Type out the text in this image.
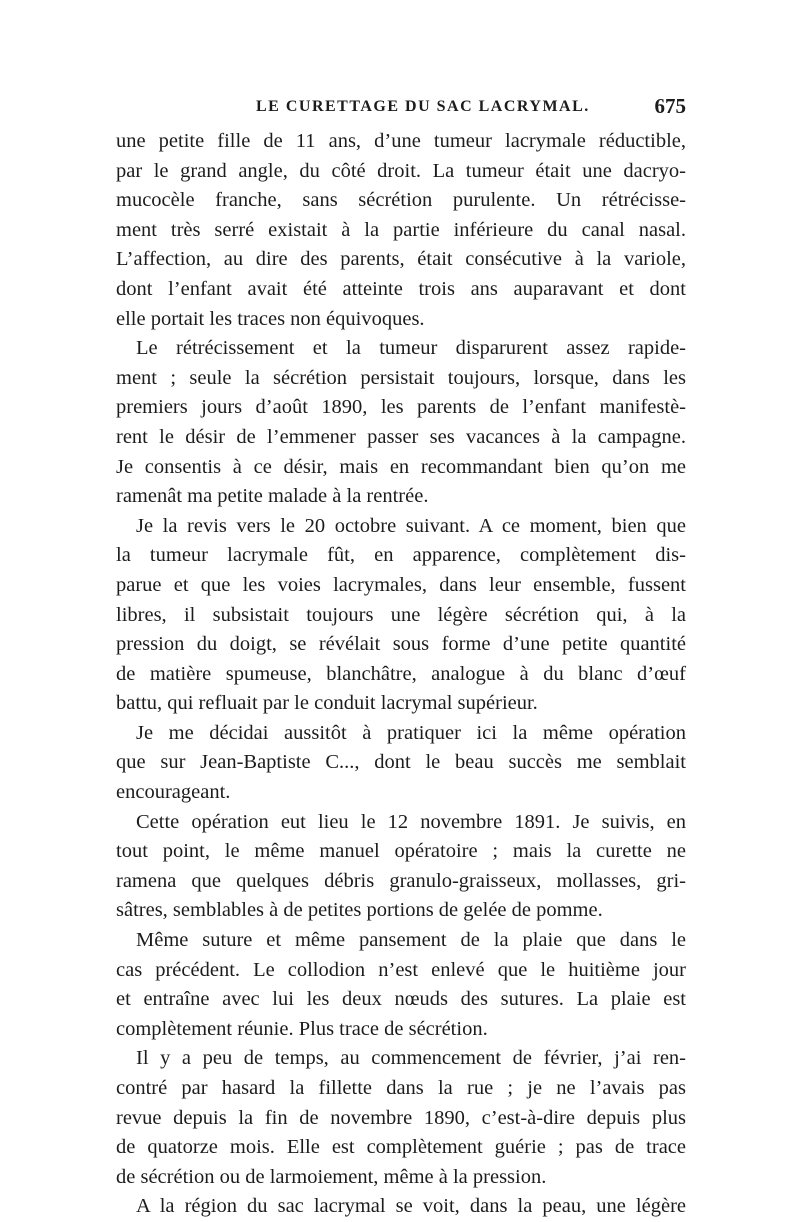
LE CURETTAGE DU SAC LACRYMAL.	675
une petite fille de 11 ans, d’une tumeur lacrymale réductible,
par le grand angle, du côté droit. La tumeur était une dacryo-
mucocèle franche, sans sécrétion purulente. Un rétrécisse-
ment très serré existait à la partie inférieure du canal nasal.
L’affection, au dire des parents, était consécutive à la variole,
dont l’enfant avait été atteinte trois ans auparavant et dont
elle portait les traces non équivoques.
Le rétrécissement et la tumeur disparurent assez rapide-
ment ; seule la sécrétion persistait toujours, lorsque, dans les
premiers jours d’août 1890, les parents de l’enfant manifestè-
rent le désir de l’emmener passer ses vacances à la campagne.
Je consentis à ce désir, mais en recommandant bien qu’on me
ramenât ma petite malade à la rentrée.
Je la revis vers le 20 octobre suivant. A ce moment, bien que
la tumeur lacrymale fût, en apparence, complètement dis-
parue et que les voies lacrymales, dans leur ensemble, fussent
libres, il subsistait toujours une légère sécrétion qui, à la
pression du doigt, se révélait sous forme d’une petite quantité
de matière spumeuse, blanchâtre, analogue à du blanc d’œuf
battu, qui refluait par le conduit lacrymal supérieur.
Je me décidai aussitôt à pratiquer ici la même opération
que sur Jean-Baptiste C..., dont le beau succès me semblait
encourageant.
Cette opération eut lieu le 12 novembre 1891. Je suivis, en
tout point, le même manuel opératoire ; mais la curette ne
ramena que quelques débris granulo-graisseux, mollasses, gri-
sâtres, semblables à de petites portions de gelée de pomme.
Même suture et même pansement de la plaie que dans le
cas précédent. Le collodion n’est enlevé que le huitième jour
et entraîne avec lui les deux nœuds des sutures. La plaie est
complètement réunie. Plus trace de sécrétion.
Il y a peu de temps, au commencement de février, j’ai ren-
contré par hasard la fillette dans la rue ; je ne l’avais pas
revue depuis la fin de novembre 1890, c’est-à-dire depuis plus
de quatorze mois. Elle est complètement guérie ; pas de trace
de sécrétion ou de larmoiement, même à la pression.
A la région du sac lacrymal se voit, dans la peau, une légère
